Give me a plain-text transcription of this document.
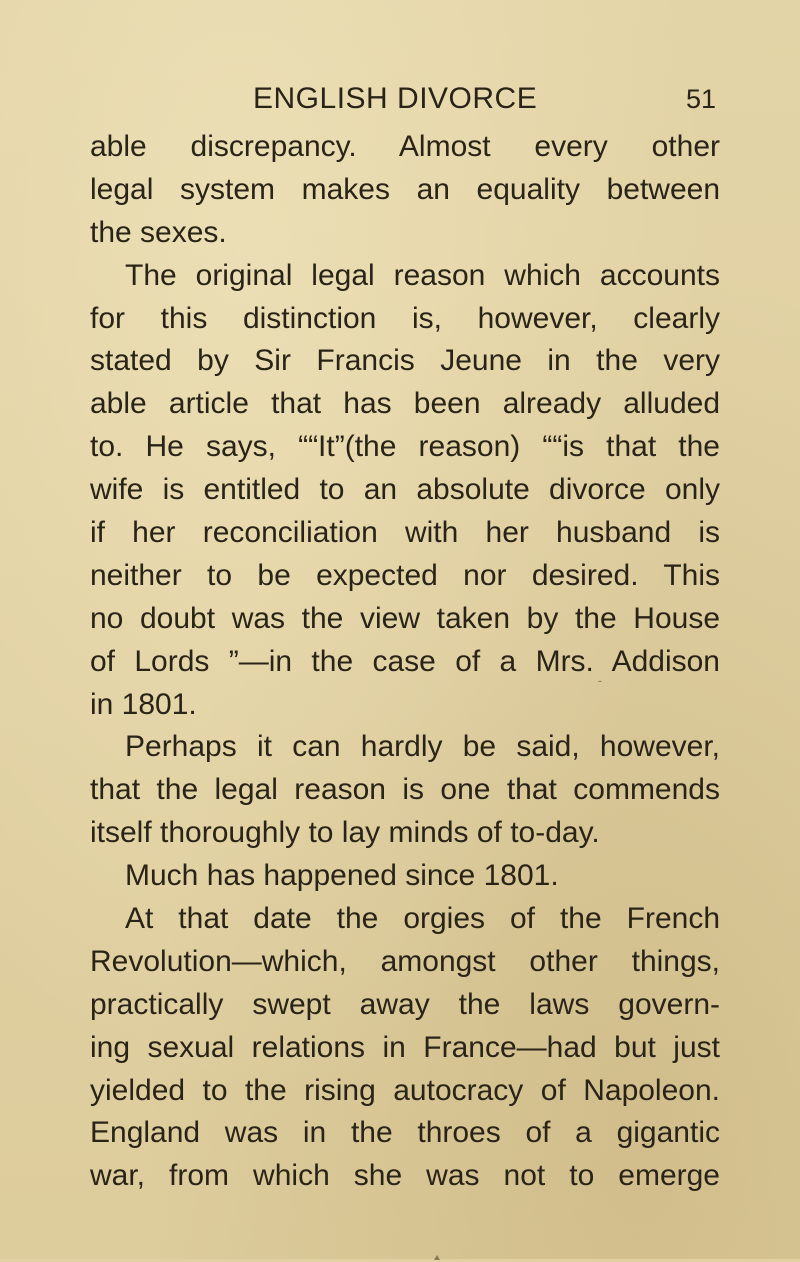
ENGLISH DIVORCE	51
able discrepancy. Almost every other
legal system makes an equality between
the sexes.
The original legal reason which accounts
for this distinction is, however, clearly
stated by Sir Francis Jeune in the very
able article that has been already alluded
to. He says, ““It”(the reason) ““is that the
wife is entitled to an absolute divorce only
if her reconciliation with her husband is
neither to be expected nor desired. This
no doubt was the view taken by the House
of Lords ”—in the case of a Mrs. Addison
in 1801.
Perhaps it can hardly be said, however,
that the legal reason is one that commends
itself thoroughly to lay minds of to-day.
Much has happened since 1801.
At that date the orgies of the French
Revolution—which, amongst other things,
practically swept away the laws govern-
ing sexual relations in France—had but just
yielded to the rising autocracy of Napoleon.
England was in the throes of a gigantic
war, from which she was not to emerge
ˉ
